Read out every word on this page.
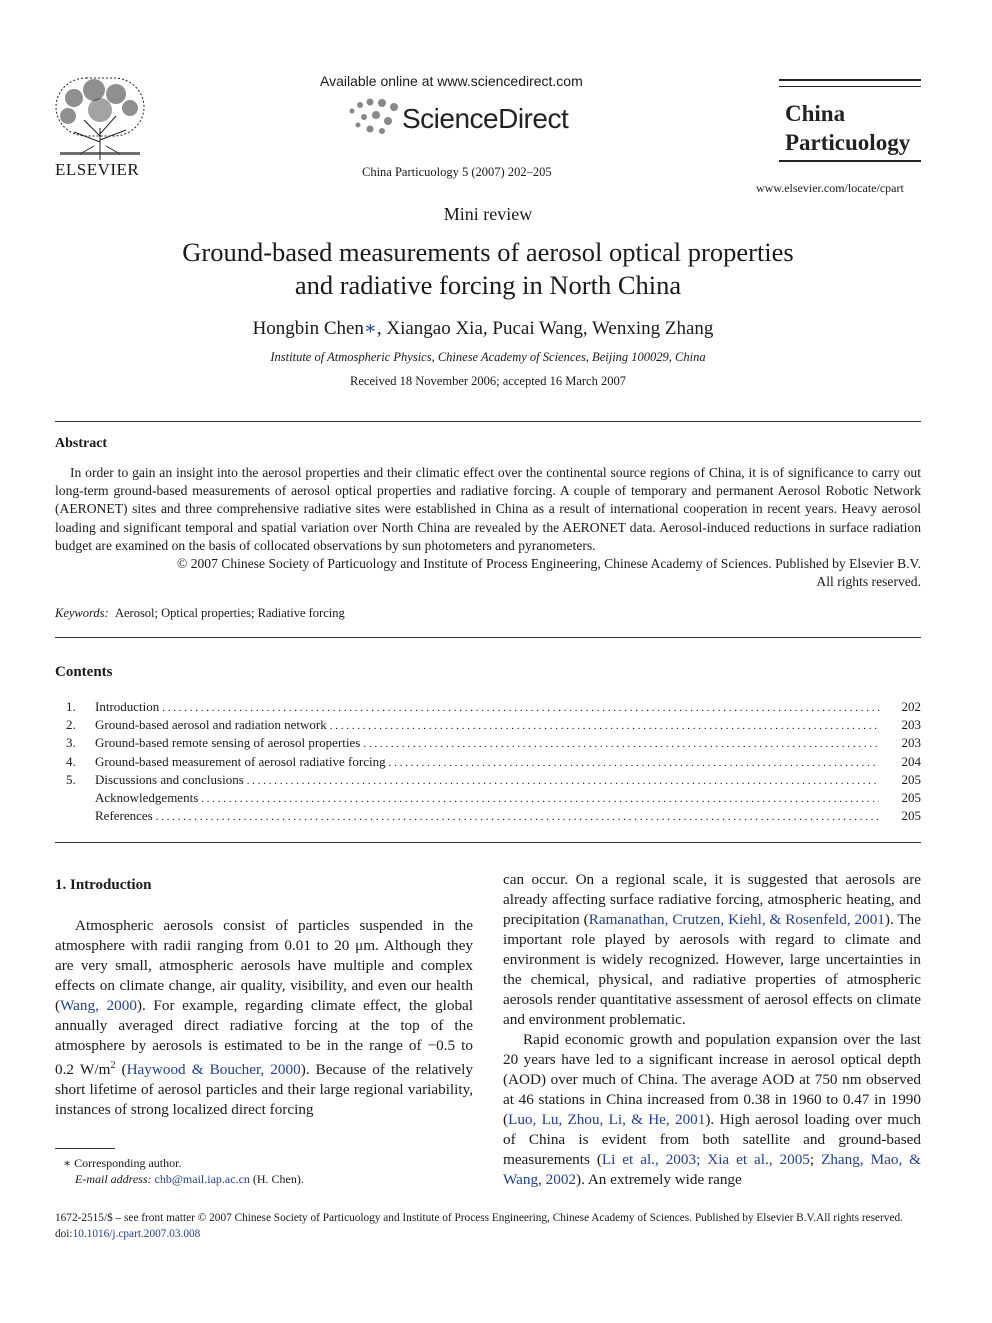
ELSEVIER
Available online at www.sciencedirect.com
ScienceDirect
China Particuology 5 (2007) 202–205
China
Particuology
www.elsevier.com/locate/cpart
Mini review
Ground-based measurements of aerosol optical properties
and radiative forcing in North China
Hongbin Chen∗, Xiangao Xia, Pucai Wang, Wenxing Zhang
Institute of Atmospheric Physics, Chinese Academy of Sciences, Beijing 100029, China
Received 18 November 2006; accepted 16 March 2007
Abstract
In order to gain an insight into the aerosol properties and their climatic effect over the continental source regions of China, it is of significance to carry out long-term ground-based measurements of aerosol optical properties and radiative forcing. A couple of temporary and permanent Aerosol Robotic Network (AERONET) sites and three comprehensive radiative sites were established in China as a result of international cooperation in recent years. Heavy aerosol loading and significant temporal and spatial variation over North China are revealed by the AERONET data. Aerosol-induced reductions in surface radiation budget are examined on the basis of collocated observations by sun photometers and pyranometers.
© 2007 Chinese Society of Particuology and Institute of Process Engineering, Chinese Academy of Sciences. Published by Elsevier B.V.
All rights reserved.
Keywords: Aerosol; Optical properties; Radiative forcing
Contents
1.	Introduction . . .	202
2.	Ground-based aerosol and radiation network . . .	203
3.	Ground-based remote sensing of aerosol properties . . .	203
4.	Ground-based measurement of aerosol radiative forcing . . .	204
5.	Discussions and conclusions . . .	205
Acknowledgements . . .	205
References . . .	205
1. Introduction

Atmospheric aerosols consist of particles suspended in the atmosphere with radii ranging from 0.01 to 20 μm. Although they are very small, atmospheric aerosols have multiple and complex effects on climate change, air quality, visibility, and even our health (Wang, 2000). For example, regarding climate effect, the global annually averaged direct radiative forcing at the top of the atmosphere by aerosols is estimated to be in the range of −0.5 to 0.2 $W/m^2$ (Haywood & Boucher, 2000). Because of the relatively short lifetime of aerosol particles and their large regional variability, instances of strong localized direct forcing

can occur. On a regional scale, it is suggested that aerosols are already affecting surface radiative forcing, atmospheric heating, and precipitation (Ramanathan, Crutzen, Kiehl, & Rosenfeld, 2001). The important role played by aerosols with regard to climate and environment is widely recognized. However, large uncertainties in the chemical, physical, and radiative properties of atmospheric aerosols render quantitative assessment of aerosol effects on climate and environment problematic.

Rapid economic growth and population expansion over the last 20 years have led to a significant increase in aerosol optical depth (AOD) over much of China. The average AOD at 750 nm observed at 46 stations in China increased from 0.38 in 1960 to 0.47 in 1990 (Luo, Lu, Zhou, Li, & He, 2001). High aerosol loading over much of China is evident from both satellite and ground-based measurements (Li et al., 2003; Xia et al., 2005; Zhang, Mao, & Wang, 2002). An extremely wide range

∗ Corresponding author.
E-mail address: chb@mail.iap.ac.cn (H. Chen).
1672-2515/$ – see front matter © 2007 Chinese Society of Particuology and Institute of Process Engineering, Chinese Academy of Sciences. Published by Elsevier B.V.All rights reserved.
doi:10.1016/j.cpart.2007.03.008
